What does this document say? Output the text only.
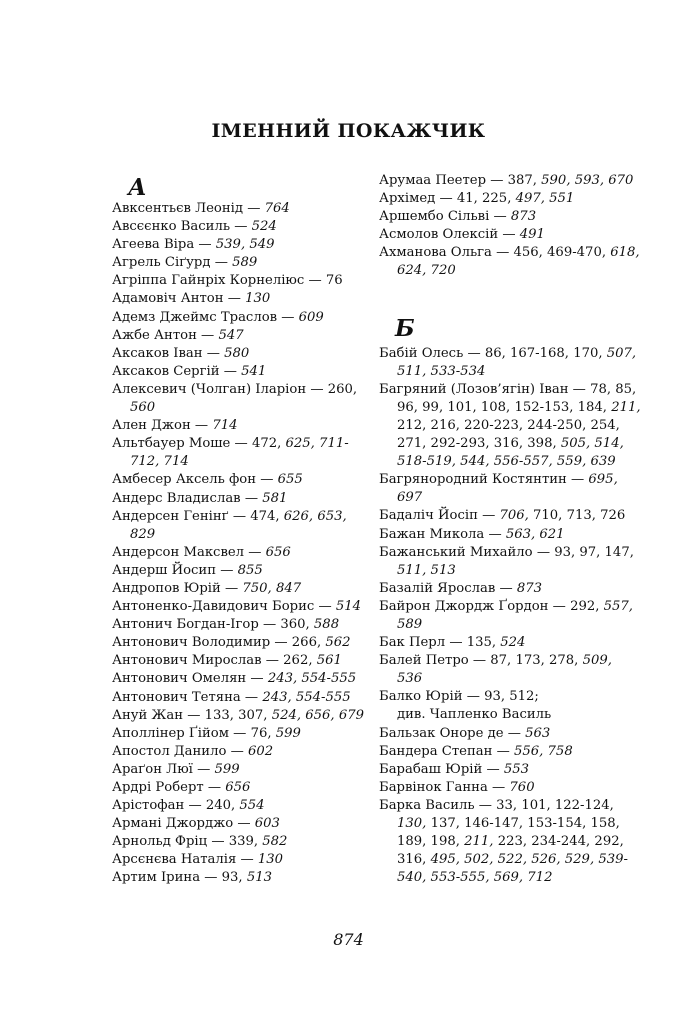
ІМЕННИЙ ПОКАЖЧИК
А
Авксентьєв Леонід — 764
Авсєєнко Василь — 524
Агеева Віра — 539, 549
Агрель Сіґурд — 589
Агріппа Гайнріх Корнеліюс — 76
Адамовіч Антон — 130
Адемз Джеймс Траслов — 609
Ажбе Антон — 547
Аксаков Іван — 580
Аксаков Сергій — 541
Алексевич (Чолган) Іларіон — 260, 560
Ален Джон — 714
Альтбауер Моше — 472, 625, 711-712, 714
Амбесер Аксель фон — 655
Андерс Владислав — 581
Андерсен Генінґ — 474, 626, 653, 829
Андерсон Максвел — 656
Андерш Йосип — 855
Андропов Юрій — 750, 847
Антоненко-Давидович Борис — 514
Антонич Богдан-Ігор — 360, 588
Антонович Володимир — 266, 562
Антонович Мирослав — 262, 561
Антонович Омелян — 243, 554-555
Антонович Тетяна — 243, 554-555
Ануй Жан — 133, 307, 524, 656, 679
Аполлінер Ґійом — 76, 599
Апостол Данило — 602
Араґон Люї — 599
Ардрі Роберт — 656
Арістофан — 240, 554
Армані Джорджо — 603
Арнольд Фріц — 339, 582
Арсєнєва Наталія — 130
Артим Ірина — 93, 513
Арумаа Пеетер — 387, 590, 593, 670
Архімед — 41, 225, 497, 551
Аршембо Сільві — 873
Асмолов Олексій — 491
Ахманова Ольга — 456, 469-470, 618, 624, 720
Б
Бабій Олесь — 86, 167-168, 170, 507, 511, 533-534
Багряний (Лозов’ягін) Іван — 78, 85, 96, 99, 101, 108, 152-153, 184, 211, 212, 216, 220-223, 244-250, 254, 271, 292-293, 316, 398, 505, 514, 518-519, 544, 556-557, 559, 639
Багрянородний Костянтин — 695, 697
Бадаліч Йосіп — 706, 710, 713, 726
Бажан Микола — 563, 621
Бажанський Михайло — 93, 97, 147, 511, 513
Базалій Ярослав — 873
Байрон Джордж Ґордон — 292, 557, 589
Бак Перл — 135, 524
Балей Петро — 87, 173, 278, 509, 536
Балко Юрій — 93, 512;
див. Чапленко Василь
Бальзак Оноре де — 563
Бандера Степан — 556, 758
Барабаш Юрій — 553
Барвінок Ганна — 760
Барка Василь — 33, 101, 122-124, 130, 137, 146-147, 153-154, 158, 189, 198, 211, 223, 234-244, 292, 316, 495, 502, 522, 526, 529, 539-540, 553-555, 569, 712
874
